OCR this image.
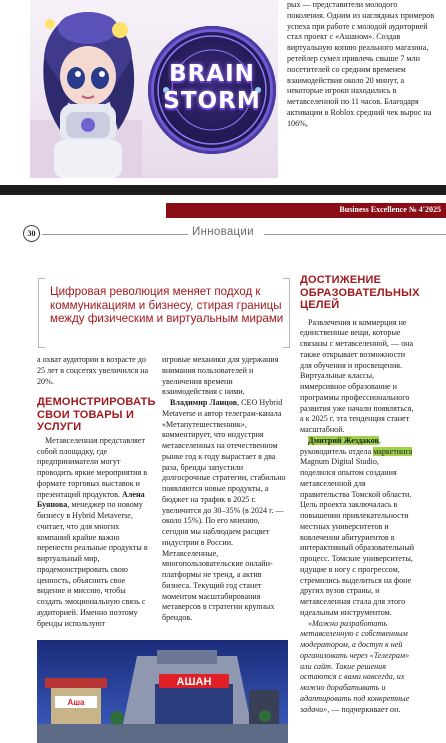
BRAIN
STORM
рых — представители молодого поколения. Одним из наглядных примеров успеха при работе с молодой аудиторией стал проект с «Ашаном». Создав виртуальную копию реального магазина, ретейлер сумел привлечь свыше 7 млн посетителей со средним временем взаимодействия около 20 минут, а некоторые игроки находились в метавселенной по 11 часов. Благодаря активации в Roblox средний чек вырос на 106%,
Business Excellence № 4'2025
30	Инновации

Цифровая революция меняет подход к коммуникациям и бизнесу, стирая границы между физическим и виртуальным мирами

а охват аудитории в возрасте до 25 лет в соцсетях увеличился на 20%.

ДЕМОНСТРИРОВАТЬ СВОИ ТОВАРЫ И УСЛУГИ

Метавселенная представляет собой площадку, где предприниматели могут проводить яркие мероприятия в формате торговых выставок и презентаций продуктов. Алена Буянова, менеджер по новому бизнесу в Hybrid Metaverse, считает, что для многих компаний крайне важно перенести реальные продукты в виртуальный мир, продемонстрировать свою ценность, объяснить свое видение и миссию, чтобы создать эмоциональную связь с аудиторией. Именно поэтому бренды используют

игровые механики для удержания внимания пользователей и увеличения времени взаимодействия с ними.

Владимир Ланцов, CEO Hybrid Metaverse и автор телеграм-канала «Метапутешественник», комментирует, что индустрия метавселенных на отечественном рынке год к году вырастает в два раза, бренды запустили долгосрочные стратегии, стабильно появляются новые продукты, а бюджет на трафик в 2025 г. увеличится до 30–35% (в 2024 г. — около 15%). По его мнению, сегодня мы наблюдаем расцвет индустрии в России. Метавселенные, многопользовательские онлайн-платформы не тренд, а актив бизнеса. Текущий год станет моментом масштабирования метаверсов в стратегии крупных брендов.

ДОСТИЖЕНИЕ ОБРАЗОВАТЕЛЬНЫХ ЦЕЛЕЙ

Развлечения и коммерция не единственные вещи, которые связаны с метавселенной, — она также открывает возможности для обучения и просвещения. Виртуальные классы, иммерсивное образование и программы профессионального развития уже начали появляться, а к 2025 г. эта тенденция станет масштабной.

Дмитрий Жездаков, руководитель отдела маркетинга Magnum Digital Studio, поделился опытом создания метавселенной для правительства Томской области. Цель проекта заключалась в повышении привлекательности местных университетов и вовлечении абитуриентов в интерактивный образовательный процесс. Томские университеты, идущие в ногу с прогрессом, стремились выделиться на фоне других вузов страны, и метавселенная стала для этого идеальным инструментом.

«Можно разработать метавселенную с собственным модератором, а доступ к ней организовать через «Телеграм» или сайт. Такие решения остаются с вами навсегда, их можно дорабатывать и адаптировать под конкретные задачи», — подчеркивает он.

АШАН
Аша
